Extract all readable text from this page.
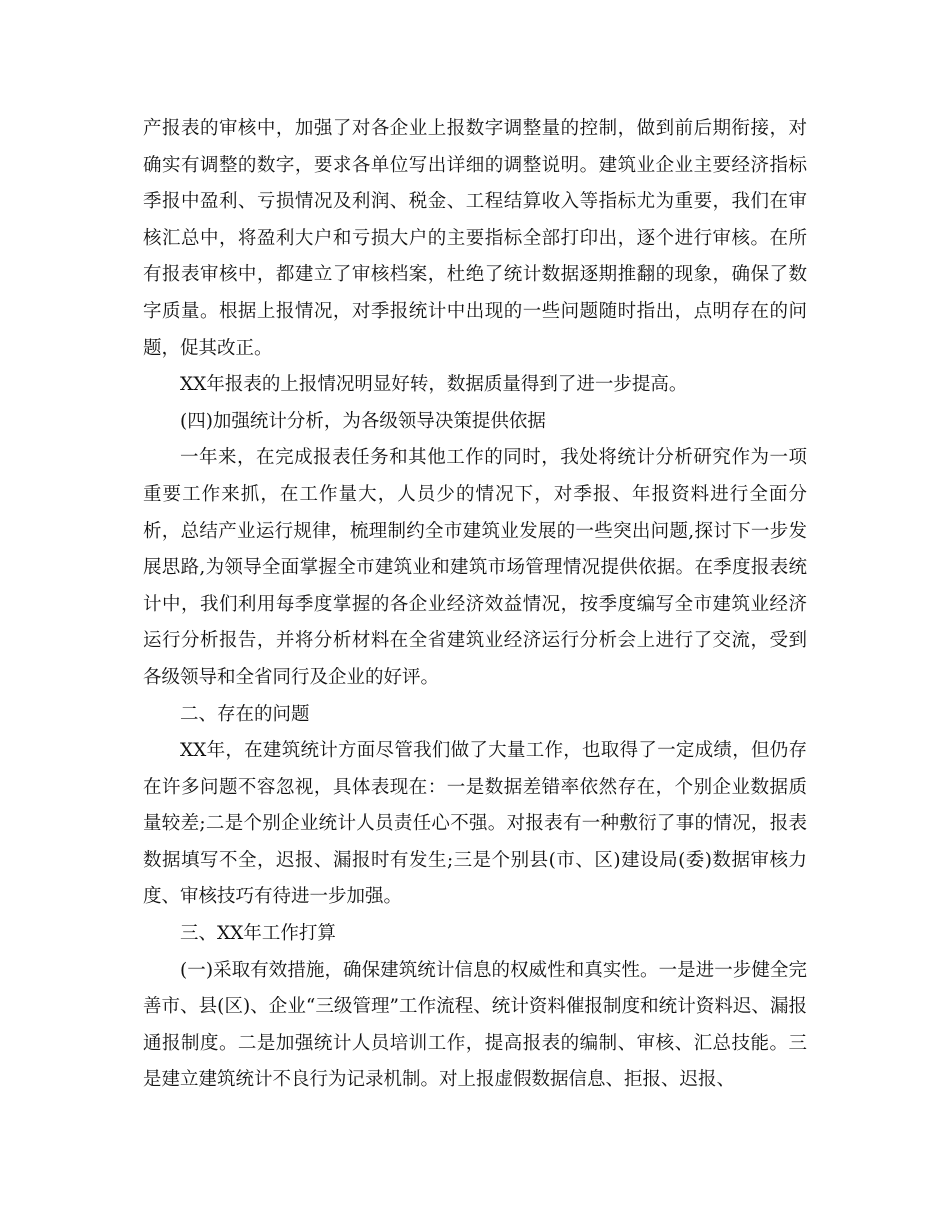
产报表的审核中，加强了对各企业上报数字调整量的控制，做到前后期衔接，对确实有调整的数字，要求各单位写出详细的调整说明。建筑业企业主要经济指标季报中盈利、亏损情况及利润、税金、工程结算收入等指标尤为重要，我们在审核汇总中，将盈利大户和亏损大户的主要指标全部打印出，逐个进行审核。在所有报表审核中，都建立了审核档案，杜绝了统计数据逐期推翻的现象，确保了数字质量。根据上报情况，对季报统计中出现的一些问题随时指出，点明存在的问题，促其改正。

XX年报表的上报情况明显好转，数据质量得到了进一步提高。

(四)加强统计分析，为各级领导决策提供依据

一年来，在完成报表任务和其他工作的同时，我处将统计分析研究作为一项重要工作来抓，在工作量大，人员少的情况下，对季报、年报资料进行全面分析，总结产业运行规律，梳理制约全市建筑业发展的一些突出问题,探讨下一步发展思路,为领导全面掌握全市建筑业和建筑市场管理情况提供依据。在季度报表统计中，我们利用每季度掌握的各企业经济效益情况，按季度编写全市建筑业经济运行分析报告，并将分析材料在全省建筑业经济运行分析会上进行了交流，受到各级领导和全省同行及企业的好评。

二、存在的问题

XX年，在建筑统计方面尽管我们做了大量工作，也取得了一定成绩，但仍存在许多问题不容忽视，具体表现在：一是数据差错率依然存在，个别企业数据质量较差;二是个别企业统计人员责任心不强。对报表有一种敷衍了事的情况，报表数据填写不全，迟报、漏报时有发生;三是个别县(市、区)建设局(委)数据审核力度、审核技巧有待进一步加强。

三、XX年工作打算

(一)采取有效措施，确保建筑统计信息的权威性和真实性。一是进一步健全完善市、县(区)、企业“三级管理”工作流程、统计资料催报制度和统计资料迟、漏报通报制度。二是加强统计人员培训工作，提高报表的编制、审核、汇总技能。三是建立建筑统计不良行为记录机制。对上报虚假数据信息、拒报、迟报、
